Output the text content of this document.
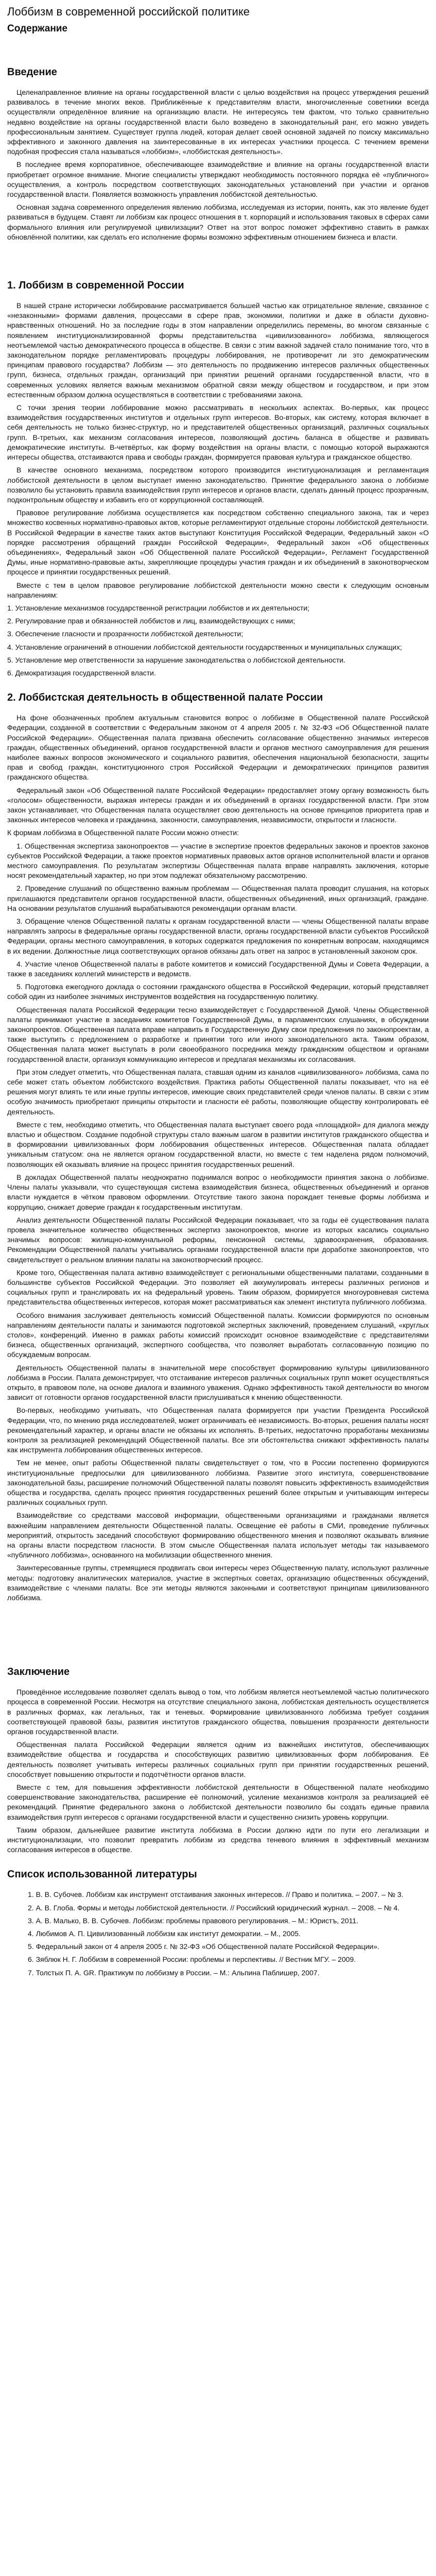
Лоббизм в современной российской политике
Содержание
Введение

Целенаправленное влияние на органы государственной власти с целью воздействия на процесс утверждения решений развивалось в течение многих веков. Приближённые к представителям власти, многочисленные советники всегда осуществляли определённое влияние на организацию власти. Не интересуясь тем фактом, что только сравнительно недавно воздействие на органы государственной власти было возведено в законодательный ранг, его можно увидеть профессиональным занятием. Существует группа людей, которая делает своей основной задачей по поиску максимально эффективного и законного давления на заинтересованные в их интересах участники процесса. С течением времени подобная профессия стала называться «лоббизм», «лоббистская деятельность».

В последнее время корпоративное, обеспечивающее взаимодействие и влияние на органы государственной власти приобретает огромное внимание. Многие специалисты утверждают необходимость постоянного порядка её «публичного» осуществления, а контроль посредством соответствующих законодательных установлений при участии и органов государственной власти. Появляется возможность управления лоббистской деятельностью.

Основная задача современного определения явлению лоббизма, исследуемая из истории, понять, как это явление будет развиваться в будущем. Ставят ли лоббизм как процесс отношения в т. корпораций и использования таковых в сферах сами формального влияния или регулируемой цивилизации? Ответ на этот вопрос поможет эффективно ставить в рамках обновлённой политики, как сделать его исполнение формы возможно эффективным отношением бизнеса и власти.

1. Лоббизм в современной России

В нашей стране исторически лоббирование рассматривается большей частью как отрицательное явление, связанное с «незаконными» формами давления, процессами в сфере прав, экономики, политики и даже в области духовно-нравственных отношений. Но за последние годы в этом направлении определились перемены, во многом связанные с появлением институционализированной формы представительства «цивилизованного» лоббизма, являющегося неотъемлемой частью демократического процесса в обществе. В связи с этим важной задачей стало понимание того, что в законодательном порядке регламентировать процедуры лоббирования, не противоречит ли это демократическим принципам правового государства? Лоббизм — это деятельность по продвижению интересов различных общественных групп, бизнеса, отдельных граждан, организаций при принятии решений органами государственной власти, что в современных условиях является важным механизмом обратной связи между обществом и государством, и при этом естественным образом должна осуществляться в соответствии с требованиями закона.

С точки зрения теории лоббирование можно рассматривать в нескольких аспектах. Во-первых, как процесс взаимодействия государственных институтов и отдельных групп интересов. Во-вторых, как систему, которая включает в себя деятельность не только бизнес-структур, но и представителей общественных организаций, различных социальных групп. В-третьих, как механизм согласования интересов, позволяющий достичь баланса в обществе и развивать демократические институты. В-четвёртых, как форму воздействия на органы власти, с помощью которой выражаются интересы общества, отстаиваются права и свободы граждан, формируется правовая культура и гражданское общество.

В качестве основного механизма, посредством которого производится институционализация и регламентация лоббистской деятельности в целом выступает именно законодательство. Принятие федерального закона о лоббизме позволило бы установить правила взаимодействия групп интересов и органов власти, сделать данный процесс прозрачным, подконтрольным обществу и избавить его от коррупционной составляющей.

Правовое регулирование лоббизма осуществляется как посредством собственно специального закона, так и через множество косвенных нормативно-правовых актов, которые регламентируют отдельные стороны лоббистской деятельности. В Российской Федерации в качестве таких актов выступают Конституция Российской Федерации, Федеральный закон «О порядке рассмотрения обращений граждан Российской Федерации», Федеральный закон «Об общественных объединениях», Федеральный закон «Об Общественной палате Российской Федерации», Регламент Государственной Думы, иные нормативно-правовые акты, закрепляющие процедуры участия граждан и их объединений в законотворческом процессе и принятии государственных решений.

Вместе с тем в целом правовое регулирование лоббистской деятельности можно свести к следующим основным направлениям:

1. Установление механизмов государственной регистрации лоббистов и их деятельности;

2. Регулирование прав и обязанностей лоббистов и лиц, взаимодействующих с ними;

3. Обеспечение гласности и прозрачности лоббистской деятельности;

4. Установление ограничений в отношении лоббистской деятельности государственных и муниципальных служащих;

5. Установление мер ответственности за нарушение законодательства о лоббистской деятельности.

6. Демократизация государственной власти.

2. Лоббистская деятельность в общественной палате России

На фоне обозначенных проблем актуальным становится вопрос о лоббизме в Общественной палате Российской Федерации, созданной в соответствии с Федеральным законом от 4 апреля 2005 г. № 32-ФЗ «Об Общественной палате Российской Федерации». Общественная палата призвана обеспечить согласование общественно значимых интересов граждан, общественных объединений, органов государственной власти и органов местного самоуправления для решения наиболее важных вопросов экономического и социального развития, обеспечения национальной безопасности, защиты прав и свобод граждан, конституционного строя Российской Федерации и демократических принципов развития гражданского общества.

Федеральный закон «Об Общественной палате Российской Федерации» предоставляет этому органу возможность быть «голосом» общественности, выражая интересы граждан и их объединений в органах государственной власти. При этом закон устанавливает, что Общественная палата осуществляет свою деятельность на основе принципов приоритета прав и законных интересов человека и гражданина, законности, самоуправления, независимости, открытости и гласности.

К формам лоббизма в Общественной палате России можно отнести:

1. Общественная экспертиза законопроектов — участие в экспертизе проектов федеральных законов и проектов законов субъектов Российской Федерации, а также проектов нормативных правовых актов органов исполнительной власти и органов местного самоуправления. По результатам экспертизы Общественная палата вправе направлять заключения, которые носят рекомендательный характер, но при этом подлежат обязательному рассмотрению.

2. Проведение слушаний по общественно важным проблемам — Общественная палата проводит слушания, на которых приглашаются представители органов государственной власти, общественных объединений, иных организаций, граждане. На основании результатов слушаний вырабатываются рекомендации органам власти.

3. Обращение членов Общественной палаты к органам государственной власти — члены Общественной палаты вправе направлять запросы в федеральные органы государственной власти, органы государственной власти субъектов Российской Федерации, органы местного самоуправления, в которых содержатся предложения по конкретным вопросам, находящимся в их ведении. Должностные лица соответствующих органов обязаны дать ответ на запрос в установленный законом срок.

4. Участие членов Общественной палаты в работе комитетов и комиссий Государственной Думы и Совета Федерации, а также в заседаниях коллегий министерств и ведомств.

5. Подготовка ежегодного доклада о состоянии гражданского общества в Российской Федерации, который представляет собой один из наиболее значимых инструментов воздействия на государственную политику.

Общественная палата Российской Федерации тесно взаимодействует с Государственной Думой. Члены Общественной палаты принимают участие в заседаниях комитетов Государственной Думы, в парламентских слушаниях, в обсуждении законопроектов. Общественная палата вправе направить в Государственную Думу свои предложения по законопроектам, а также выступить с предложением о разработке и принятии того или иного законодательного акта. Таким образом, Общественная палата может выступать в роли своеобразного посредника между гражданским обществом и органами государственной власти, организуя коммуникацию интересов и предлагая механизмы их согласования.

При этом следует отметить, что Общественная палата, ставшая одним из каналов «цивилизованного» лоббизма, сама по себе может стать объектом лоббистского воздействия. Практика работы Общественной палаты показывает, что на её решения могут влиять те или иные группы интересов, имеющие своих представителей среди членов палаты. В связи с этим особую значимость приобретают принципы открытости и гласности её работы, позволяющие обществу контролировать её деятельность.

Вместе с тем, необходимо отметить, что Общественная палата выступает своего рода «площадкой» для диалога между властью и обществом. Создание подобной структуры стало важным шагом в развитии институтов гражданского общества и в формировании цивилизованных форм лоббирования общественных интересов. Общественная палата обладает уникальным статусом: она не является органом государственной власти, но вместе с тем наделена рядом полномочий, позволяющих ей оказывать влияние на процесс принятия государственных решений.

В докладах Общественной палаты неоднократно поднимался вопрос о необходимости принятия закона о лоббизме. Члены палаты указывали, что существующая система взаимодействия бизнеса, общественных объединений и органов власти нуждается в чётком правовом оформлении. Отсутствие такого закона порождает теневые формы лоббизма и коррупцию, снижает доверие граждан к государственным институтам.

Анализ деятельности Общественной палаты Российской Федерации показывает, что за годы её существования палата провела значительное количество общественных экспертиз законопроектов, многие из которых касались социально значимых вопросов: жилищно-коммунальной реформы, пенсионной системы, здравоохранения, образования. Рекомендации Общественной палаты учитывались органами государственной власти при доработке законопроектов, что свидетельствует о реальном влиянии палаты на законотворческий процесс.

Кроме того, Общественная палата активно взаимодействует с региональными общественными палатами, созданными в большинстве субъектов Российской Федерации. Это позволяет ей аккумулировать интересы различных регионов и социальных групп и транслировать их на федеральный уровень. Таким образом, формируется многоуровневая система представительства общественных интересов, которая может рассматриваться как элемент института публичного лоббизма.

Особого внимания заслуживает деятельность комиссий Общественной палаты. Комиссии формируются по основным направлениям деятельности палаты и занимаются подготовкой экспертных заключений, проведением слушаний, «круглых столов», конференций. Именно в рамках работы комиссий происходит основное взаимодействие с представителями бизнеса, общественных организаций, экспертного сообщества, что позволяет выработать согласованную позицию по обсуждаемым вопросам.

Деятельность Общественной палаты в значительной мере способствует формированию культуры цивилизованного лоббизма в России. Палата демонстрирует, что отстаивание интересов различных социальных групп может осуществляться открыто, в правовом поле, на основе диалога и взаимного уважения. Однако эффективность такой деятельности во многом зависит от готовности органов государственной власти прислушиваться к мнению общественности.

Во-первых, необходимо учитывать, что Общественная палата формируется при участии Президента Российской Федерации, что, по мнению ряда исследователей, может ограничивать её независимость. Во-вторых, решения палаты носят рекомендательный характер, и органы власти не обязаны их исполнять. В-третьих, недостаточно проработаны механизмы контроля за реализацией рекомендаций Общественной палаты. Все эти обстоятельства снижают эффективность палаты как инструмента лоббирования общественных интересов.

Тем не менее, опыт работы Общественной палаты свидетельствует о том, что в России постепенно формируются институциональные предпосылки для цивилизованного лоббизма. Развитие этого института, совершенствование законодательной базы, расширение полномочий Общественной палаты позволят повысить эффективность взаимодействия общества и государства, сделать процесс принятия государственных решений более открытым и учитывающим интересы различных социальных групп.

Взаимодействие со средствами массовой информации, общественными организациями и гражданами является важнейшим направлением деятельности Общественной палаты. Освещение её работы в СМИ, проведение публичных мероприятий, открытость заседаний способствуют формированию общественного мнения и позволяют оказывать влияние на органы власти посредством гласности. В этом смысле Общественная палата использует методы так называемого «публичного лоббизма», основанного на мобилизации общественного мнения.

Заинтересованные группы, стремящиеся продвигать свои интересы через Общественную палату, используют различные методы: подготовку аналитических материалов, участие в экспертных советах, организацию общественных обсуждений, взаимодействие с членами палаты. Все эти методы являются законными и соответствуют принципам цивилизованного лоббизма.

Заключение

Проведённое исследование позволяет сделать вывод о том, что лоббизм является неотъемлемой частью политического процесса в современной России. Несмотря на отсутствие специального закона, лоббистская деятельность осуществляется в различных формах, как легальных, так и теневых. Формирование цивилизованного лоббизма требует создания соответствующей правовой базы, развития институтов гражданского общества, повышения прозрачности деятельности органов государственной власти.

Общественная палата Российской Федерации является одним из важнейших институтов, обеспечивающих взаимодействие общества и государства и способствующих развитию цивилизованных форм лоббирования. Её деятельность позволяет учитывать интересы различных социальных групп при принятии государственных решений, способствует повышению открытости и подотчётности органов власти.

Вместе с тем, для повышения эффективности лоббистской деятельности в Общественной палате необходимо совершенствование законодательства, расширение её полномочий, усиление механизмов контроля за реализацией её рекомендаций. Принятие федерального закона о лоббистской деятельности позволило бы создать единые правила взаимодействия групп интересов с органами государственной власти и существенно снизить уровень коррупции.

Таким образом, дальнейшее развитие института лоббизма в России должно идти по пути его легализации и институционализации, что позволит превратить лоббизм из средства теневого влияния в эффективный механизм согласования интересов в обществе.

Список использованной литературы

1. В. В. Субочев. Лоббизм как инструмент отстаивания законных интересов. // Право и политика. – 2007. – № 3.

2. А. В. Глоба. Формы и методы лоббистской деятельности. // Российский юридический журнал. – 2008. – № 4.

3. А. В. Малько, В. В. Субочев. Лоббизм: проблемы правового регулирования. – М.: Юристъ, 2011.

4. Любимов А. П. Цивилизованный лоббизм как институт демократии. – М., 2005.

5. Федеральный закон от 4 апреля 2005 г. № 32-ФЗ «Об Общественной палате Российской Федерации».

6. Зяблюк Н. Г. Лоббизм в современной России: проблемы и перспективы. // Вестник МГУ. – 2009.

7. Толстых П. А. GR. Практикум по лоббизму в России. – М.: Альпина Паблишер, 2007.
